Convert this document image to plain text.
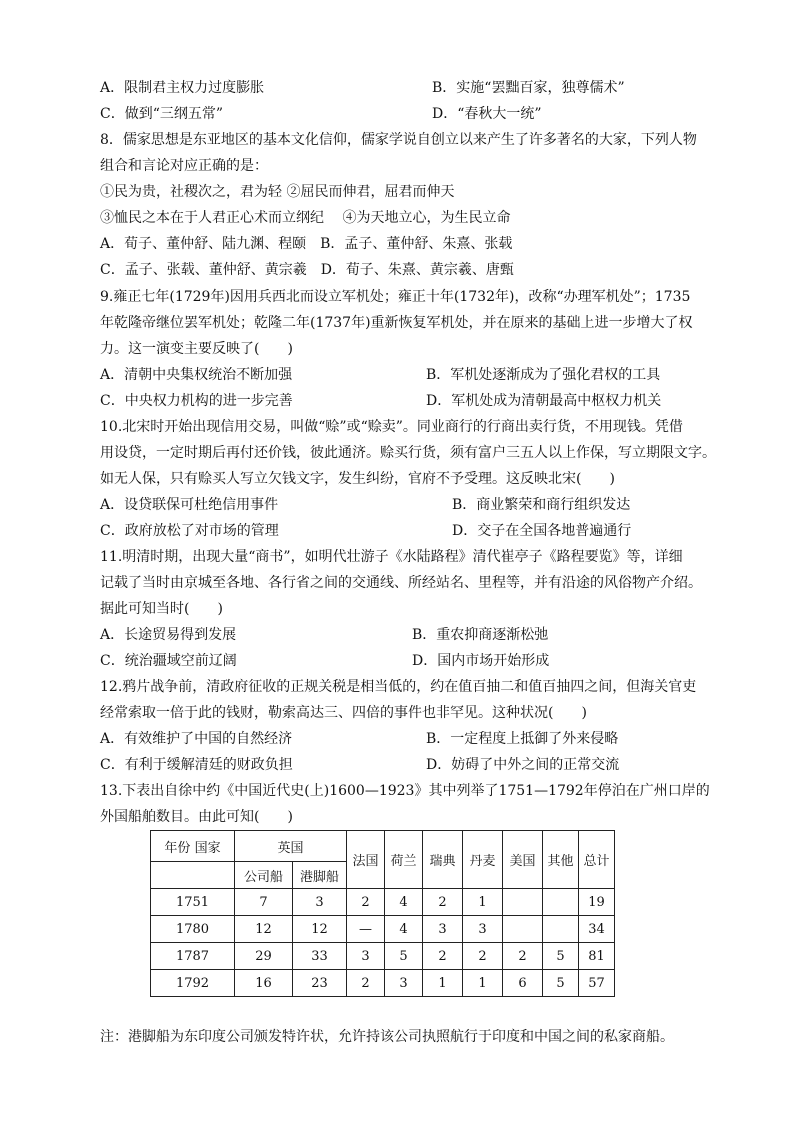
A．限制君主权力过度膨胀	B．实施“罢黜百家，独尊儒术”
C．做到“三纲五常”	D．“春秋大一统”
8．儒家思想是东亚地区的基本文化信仰，儒家学说自创立以来产生了许多著名的大家，下列人物
组合和言论对应正确的是：
①民为贵，社稷次之，君为轻 ②屈民而伸君，屈君而伸天
③恤民之本在于人君正心术而立纲纪　 ④为天地立心，为生民立命
A．荀子、董仲舒、陆九渊、程颐　B．孟子、董仲舒、朱熹、张载
C．孟子、张载、董仲舒、黄宗羲　D．荀子、朱熹、黄宗羲、唐甄
9.雍正七年(1729年)因用兵西北而设立军机处；雍正十年(1732年)，改称“办理军机处”；1735
年乾隆帝继位罢军机处；乾隆二年(1737年)重新恢复军机处，并在原来的基础上进一步增大了权
力。这一演变主要反映了(　　)
A．清朝中央集权统治不断加强	B．军机处逐渐成为了强化君权的工具
C．中央权力机构的进一步完善	D．军机处成为清朝最高中枢权力机关
10.北宋时开始出现信用交易，叫做“赊”或“赊卖”。同业商行的行商出卖行货，不用现钱。凭借
用设贷，一定时期后再付还价钱，彼此通济。赊买行货，须有富户三五人以上作保，写立期限文字。
如无人保，只有赊买人写立欠钱文字，发生纠纷，官府不予受理。这反映北宋(　　)
A．设贷联保可杜绝信用事件	B．商业繁荣和商行组织发达
C．政府放松了对市场的管理	D．交子在全国各地普遍通行
11.明清时期，出现大量“商书”，如明代壮游子《水陆路程》清代崔亭子《路程要览》等，详细
记载了当时由京城至各地、各行省之间的交通线、所经站名、里程等，并有沿途的风俗物产介绍。
据此可知当时(　　)
A．长途贸易得到发展	B．重农抑商逐渐松弛
C．统治疆域空前辽阔	D．国内市场开始形成
12.鸦片战争前，清政府征收的正规关税是相当低的，约在值百抽二和值百抽四之间，但海关官吏
经常索取一倍于此的钱财，勒索高达三、四倍的事件也非罕见。这种状况(　　)
A．有效维护了中国的自然经济	B．一定程度上抵御了外来侵略
C．有利于缓解清廷的财政负担	D．妨碍了中外之间的正常交流
13.下表出自徐中约《中国近代史(上)1600—1923》其中列举了1751—1792年停泊在广州口岸的
外国船舶数目。由此可知(　　)
年份 国家	英国		法国	荷兰	瑞典	丹麦	美国	其他	总计
	公司船	港脚船							
1751	7	3	2	4	2	1			19
1780	12	12	—	4	3	3			34
1787	29	33	3	5	2	2	2	5	81
1792	16	23	2	3	1	1	6	5	57
注：港脚船为东印度公司颁发特许状，允许持该公司执照航行于印度和中国之间的私家商船。
